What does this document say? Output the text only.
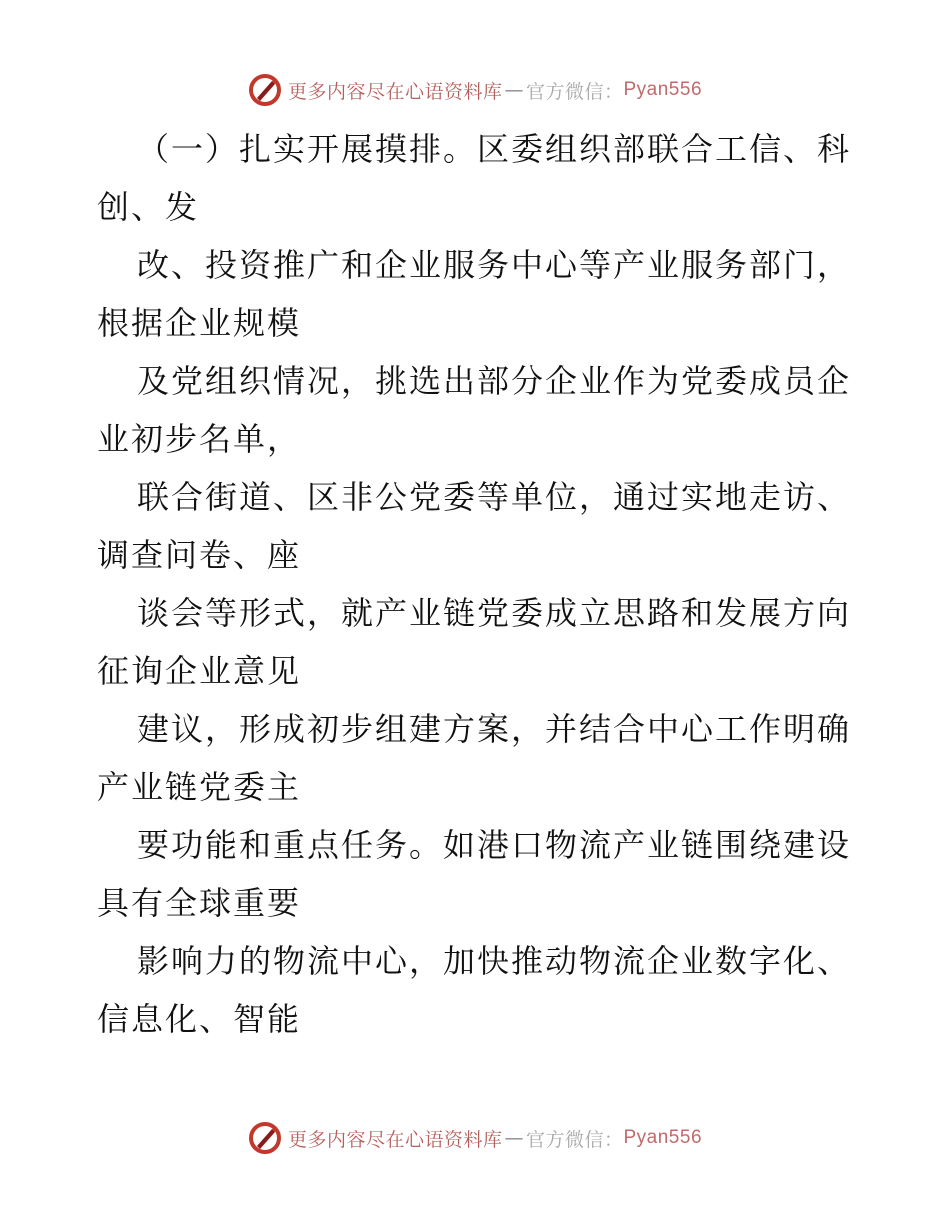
更多内容尽在心语资料库 — 官方微信： Pyan556

（一）扎实开展摸排。区委组织部联合工信、科
创、发

改、投资推广和企业服务中心等产业服务部门，
根据企业规模

及党组织情况，挑选出部分企业作为党委成员企
业初步名单，

联合街道、区非公党委等单位，通过实地走访、
调查问卷、座

谈会等形式，就产业链党委成立思路和发展方向
征询企业意见

建议，形成初步组建方案，并结合中心工作明确
产业链党委主

要功能和重点任务。如港口物流产业链围绕建设
具有全球重要

影响力的物流中心，加快推动物流企业数字化、
信息化、智能

更多内容尽在心语资料库 — 官方微信： Pyan556
